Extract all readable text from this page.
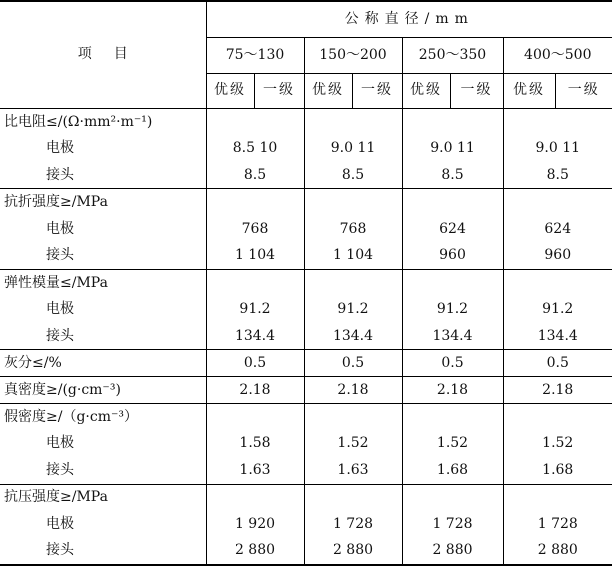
项目	公称直径/mm							
	75～130		150～200		250～350		400～500	
	优级	一级	优级	一级	优级	一级	优级	一级
比电阻≤/(Ω·mm²·m⁻¹)								
电极	8.5 10		9.0 11		9.0 11		9.0 11	
接头	8.5		8.5		8.5		8.5	
抗折强度≥/MPa								
电极	768		768		624		624	
接头	1 104		1 104		960		960	
弹性模量≤/MPa								
电极	91.2		91.2		91.2		91.2	
接头	134.4		134.4		134.4		134.4	
灰分≤/%	0.5		0.5		0.5		0.5	
真密度≥/(g·cm⁻³)	2.18		2.18		2.18		2.18	
假密度≥/（g·cm⁻³）								
电极	1.58		1.52		1.52		1.52	
接头	1.63		1.63		1.68		1.68	
抗压强度≥/MPa								
电极	1 920		1 728		1 728		1 728	
接头	2 880		2 880		2 880		2 880	
